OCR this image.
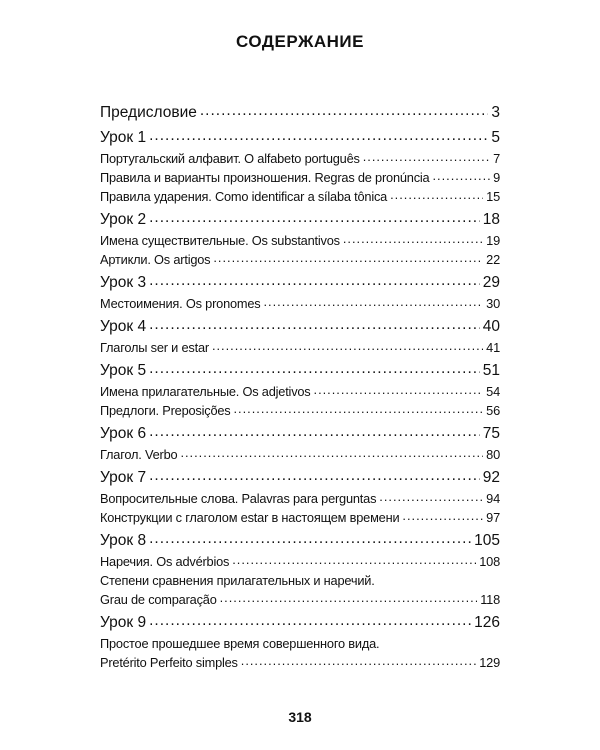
СОДЕРЖАНИЕ
Предисловие .....	3
Урок 1 .....	5
Португальский алфавит. O alfabeto português .....	7
Правила и варианты произношения. Regras de pronúncia .....	9
Правила ударения. Como identificar a sílaba tônica .....	15
Урок 2 .....	18
Имена существительные. Os substantivos .....	19
Артикли. Os artigos .....	22
Урок 3 .....	29
Местоимения. Os pronomes .....	30
Урок 4 .....	40
Глаголы ser и estar .....	41
Урок 5 .....	51
Имена прилагательные. Os adjetivos .....	54
Предлоги. Preposições .....	56
Урок 6 .....	75
Глагол. Verbo .....	80
Урок 7 .....	92
Вопросительные слова. Palavras para perguntas .....	94
Конструкции с глаголом estar в настоящем времени .....	97
Урок 8 .....	105
Наречия. Os advérbios .....	108
Степени сравнения прилагательных и наречий.
Grau de comparação .....	118
Урок 9 .....	126
Простое прошедшее время совершенного вида.
Pretérito Perfeito simples .....	129
318
